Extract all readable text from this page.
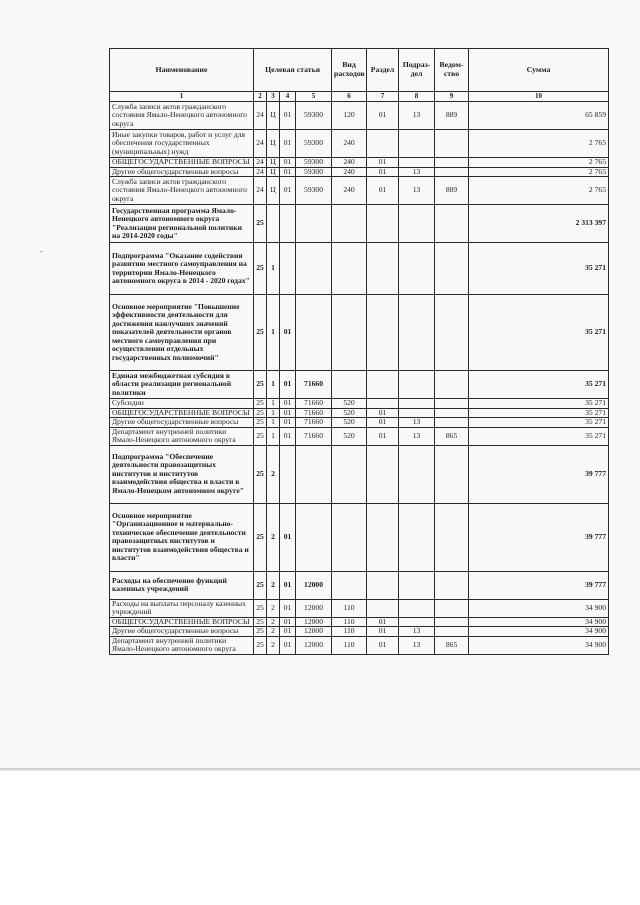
-
Наименование	Целевая статья				Вид расходов	Раздел	Подраз-дел	Ведом-ство	Сумма
1	2	3	4	5	6	7	8	9	10
Служба записи актов гражданского состояния Ямало-Ненецкого автономного округа	24	Ц	01	59300	120	01	13	889	65 859
Иные закупки товаров, работ и услуг для обеспечения государственных (муниципальных) нужд	24	Ц	01	59300	240				2 765
ОБЩЕГОСУДАРСТВЕННЫЕ ВОПРОСЫ	24	Ц	01	59300	240	01			2 765
Другие общегосударственные вопросы	24	Ц	01	59300	240	01	13		2 765
Служба записи актов гражданского состояния Ямало-Ненецкого автономного округа	24	Ц	01	59300	240	01	13	889	2 765
Государственная программа Ямало-Ненецкого автономного округа "Реализация региональной политики на 2014-2020 годы"	25								2 313 397
Подпрограмма "Оказание содействия развитию местного самоуправления на территории Ямало-Ненецкого автономного округа в 2014 - 2020 годах"	25	1							35 271
Основное мероприятие "Повышение эффективности деятельности для достижения наилучших значений показателей деятельности органов местного самоуправления при осуществлении отдельных государственных полномочий"	25	1	01						35 271
Единая межбюджетная субсидия в области реализации региональной политики	25	1	01	71660					35 271
Субсидии	25	1	01	71660	520				35 271
ОБЩЕГОСУДАРСТВЕННЫЕ ВОПРОСЫ	25	1	01	71660	520	01			35 271
Другие общегосударственные вопросы	25	1	01	71660	520	01	13		35 271
Департамент внутренней политики Ямало-Ненецкого автономного округа	25	1	01	71660	520	01	13	865	35 271
Подпрограмма "Обеспечение деятельности правозащитных институтов и институтов взаимодействия общества и власти в Ямало-Ненецком автономном округе"	25	2							39 777
Основное мероприятие "Организационное и материально-техническое обеспечение деятельности правозащитных институтов и институтов взаимодействия общества и власти"	25	2	01						39 777
Расходы на обеспечение функций казенных учреждений	25	2	01	12000					39 777
Расходы на выплаты персоналу казенных учреждений	25	2	01	12000	110				34 900
ОБЩЕГОСУДАРСТВЕННЫЕ ВОПРОСЫ	25	2	01	12000	110	01			34 900
Другие общегосударственные вопросы	25	2	01	12000	110	01	13		34 900
Департамент внутренней политики Ямало-Ненецкого автономного округа	25	2	01	12000	110	01	13	865	34 900
